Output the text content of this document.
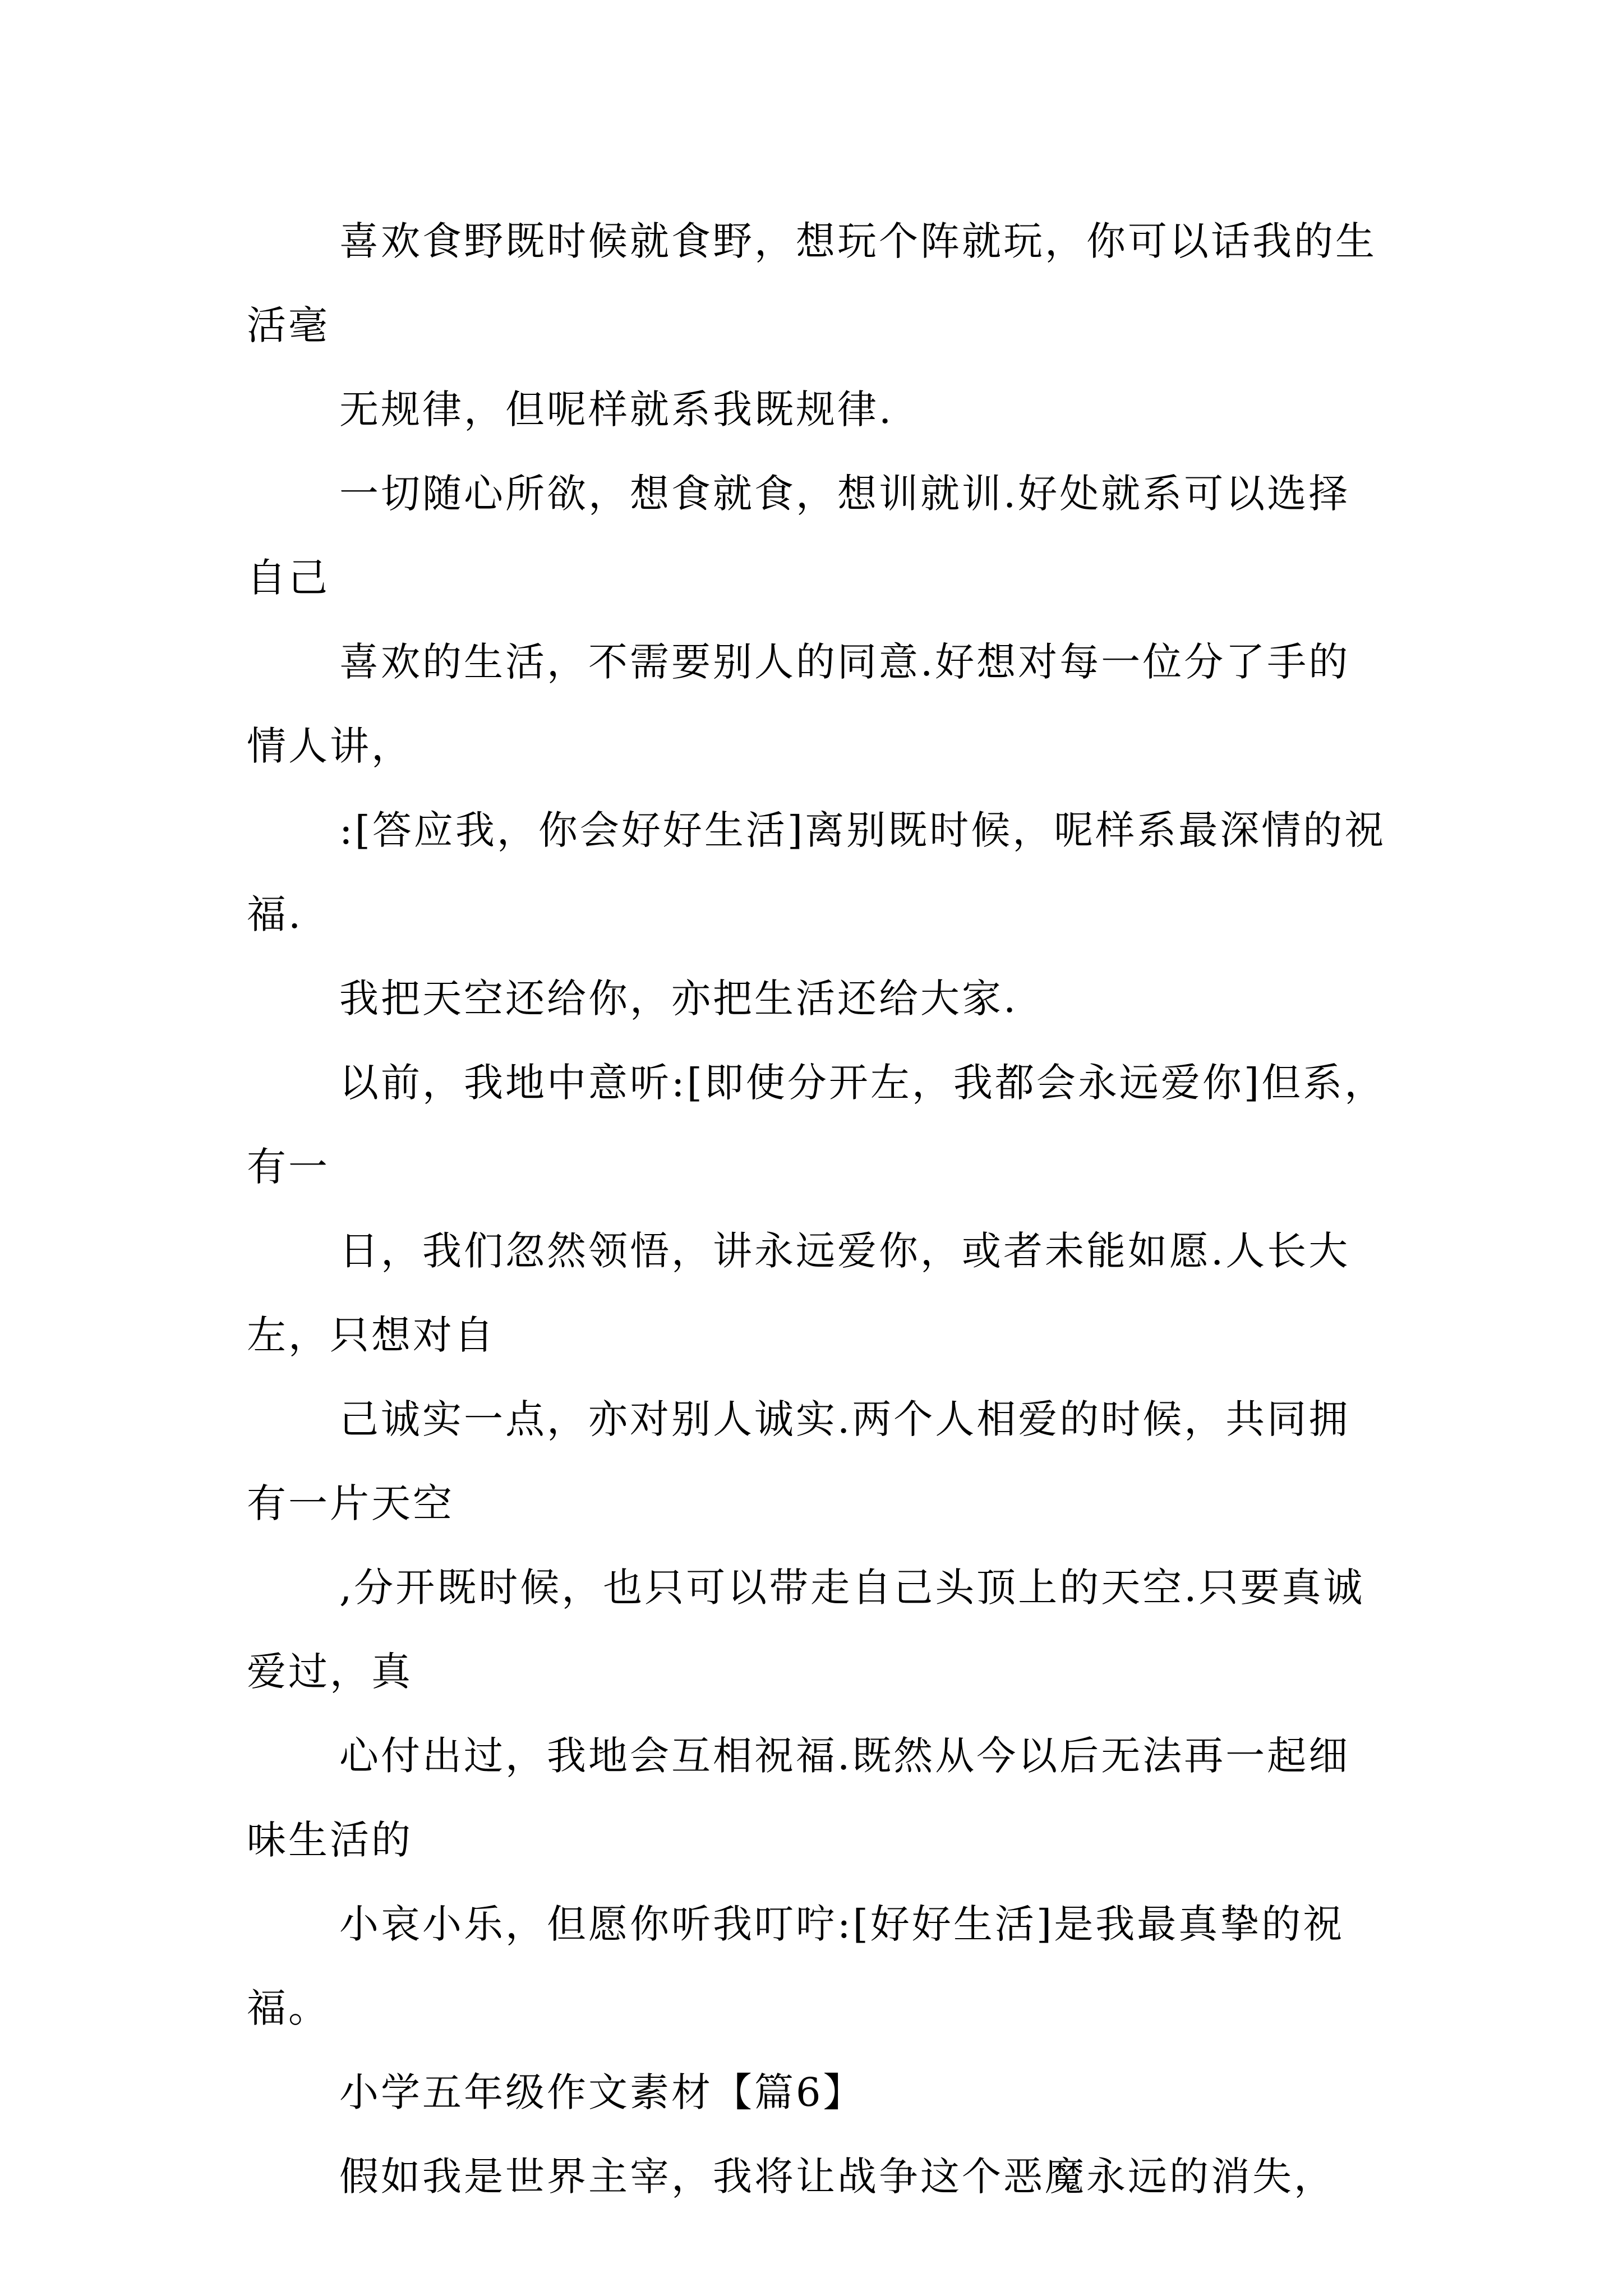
喜欢食野既时候就食野，想玩个阵就玩，你可以话我的生活毫

无规律，但呢样就系我既规律.

一切随心所欲，想食就食，想训就训.好处就系可以选择自己

喜欢的生活，不需要别人的同意.好想对每一位分了手的情人讲，

:[答应我，你会好好生活]离别既时候，呢样系最深情的祝福.

我把天空还给你，亦把生活还给大家.

以前，我地中意听:[即使分开左，我都会永远爱你]但系，有一

日，我们忽然领悟，讲永远爱你，或者未能如愿.人长大左，只想对自

己诚实一点，亦对别人诚实.两个人相爱的时候，共同拥有一片天空

,分开既时候，也只可以带走自己头顶上的天空.只要真诚爱过，真

心付出过，我地会互相祝福.既然从今以后无法再一起细味生活的

小哀小乐，但愿你听我叮咛:[好好生活]是我最真挚的祝福。

小学五年级作文素材【篇6】

假如我是世界主宰，我将让战争这个恶魔永远的消失，
